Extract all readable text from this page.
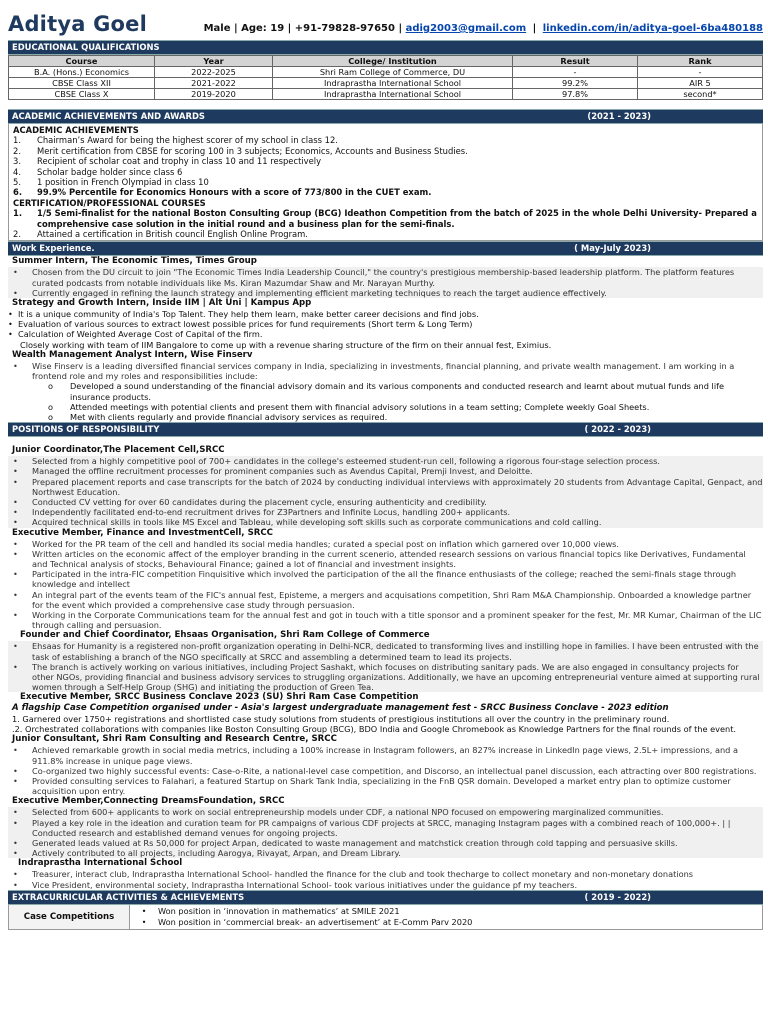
Aditya Goel	Male | Age: 19 | +91-79828-97650 | adig2003@gmail.com | linkedin.com/in/aditya-goel-6ba480188
EDUCATIONAL QUALIFICATIONS
Course	Year	College/ Institution	Result	Rank
B.A. (Hons.) Economics	2022-2025	Shri Ram College of Commerce, DU	-	-
CBSE Class XII	2021-2022	Indraprastha International School	99.2%	AIR 5
CBSE Class X	2019-2020	Indraprastha International School	97.8%	second*
ACADEMIC ACHIEVEMENTS AND AWARDS	(2021 - 2023)
ACADEMIC ACHIEVEMENTS
1.	Chairman’s Award for being the highest scorer of my school in class 12.
2.	Merit certification from CBSE for scoring 100 in 3 subjects; Economics, Accounts and Business Studies.
3.	Recipient of scholar coat and trophy in class 10 and 11 respectively
4.	Scholar badge holder since class 6
5.	1 position in French Olympiad in class 10
6.	99.9% Percentile for Economics Honours with a score of 773/800 in the CUET exam.
CERTIFICATION/PROFESSIONAL COURSES
1.	1/5 Semi-finalist for the national Boston Consulting Group (BCG) Ideathon Competition from the batch of 2025 in the whole Delhi University- Prepared a comprehensive case solution in the initial round and a business plan for the semi-finals.
2.	Attained a certification in British council English Online Program.
Work Experience.	( May-July 2023)
Summer Intern, The Economic Times, Times Group
•	Chosen from the DU circuit to join "The Economic Times India Leadership Council," the country's prestigious membership-based leadership platform. The platform features curated podcasts from notable individuals like Ms. Kiran Mazumdar Shaw and Mr. Narayan Murthy.
•	Currently engaged in refining the launch strategy and implementing efficient marketing techniques to reach the target audience effectively.
Strategy and Growth Intern, Inside IIM | Alt Uni | Kampus App
• It is a unique community of India's Top Talent. They help them learn, make better career decisions and find jobs.
• Evaluation of various sources to extract lowest possible prices for fund requirements (Short term & Long Term)
• Calculation of Weighted Average Cost of Capital of the firm.
Closely working with team of IIM Bangalore to come up with a revenue sharing structure of the firm on their annual fest, Eximius.
Wealth Management Analyst Intern, Wise Finserv
•	Wise Finserv is a leading diversified financial services company in India, specializing in investments, financial planning, and private wealth management. I am working in a frontend role and my roles and responsibilities include:
o	Developed a sound understanding of the financial advisory domain and its various components and conducted research and learnt about mutual funds and life insurance products.
o	Attended meetings with potential clients and present them with financial advisory solutions in a team setting; Complete weekly Goal Sheets.
o	Met with clients regularly and provide financial advisory services as required.
POSITIONS OF RESPONSIBILITY	( 2022 - 2023)
Junior Coordinator,The Placement Cell,SRCC
•	Selected from a highly competitive pool of 700+ candidates in the college's esteemed student-run cell, following a rigorous four-stage selection process.
•	Managed the offline recruitment processes for prominent companies such as Avendus Capital, Premji Invest, and Deloitte.
•	Prepared placement reports and case transcripts for the batch of 2024 by conducting individual interviews with approximately 20 students from Advantage Capital, Genpact, and Northwest Education.
•	Conducted CV vetting for over 60 candidates during the placement cycle, ensuring authenticity and credibility.
•	Independently facilitated end-to-end recruitment drives for Z3Partners and Infinite Locus, handling 200+ applicants.
•	Acquired technical skills in tools like MS Excel and Tableau, while developing soft skills such as corporate communications and cold calling.
Executive Member, Finance and InvestmentCell, SRCC
•	Worked for the PR team of the cell and handled its social media handles; curated a special post on inflation which garnered over 10,000 views.
•	Written articles on the economic affect of the employer branding in the current scenerio, attended research sessions on various financial topics like Derivatives, Fundamental and Technical analysis of stocks, Behavioural Finance; gained a lot of financial and investment insights.
•	Participated in the intra-FIC competition Finquisitive which involved the participation of the all the finance enthusiasts of the college; reached the semi-finals stage through knowledge and intellect
•	An integral part of the events team of the FIC's annual fest, Episteme, a mergers and acquisations competition, Shri Ram M&A Championship. Onboarded a knowledge partner for the event which provided a comprehensive case study through persuasion.
•	Working in the Corporate Communications team for the annual fest and got in touch with a title sponsor and a prominent speaker for the fest, Mr. MR Kumar, Chairman of the LIC through calling and persuasion.
Founder and Chief Coordinator, Ehsaas Organisation, Shri Ram College of Commerce
•	Ehsaas for Humanity is a registered non-profit organization operating in Delhi-NCR, dedicated to transforming lives and instilling hope in families. I have been entrusted with the task of establishing a branch of the NGO specifically at SRCC and assembling a determined team to lead its projects.
•	The branch is actively working on various initiatives, including Project Sashakt, which focuses on distributing sanitary pads. We are also engaged in consultancy projects for other NGOs, providing financial and business advisory services to struggling organizations. Additionally, we have an upcoming entrepreneurial venture aimed at supporting rural women through a Self-Help Group (SHG) and initiating the production of Green Tea.
Executive Member, SRCC Business Conclave 2023 (SU) Shri Ram Case Competition
A flagship Case Competition organised under - Asia's largest undergraduate management fest - SRCC Business Conclave - 2023 edition
1. Garnered over 1750+ registrations and shortlisted case study solutions from students of prestigious institutions all over the country in the preliminary round.
.2. Orchestrated collaborations with companies like Boston Consulting Group (BCG), BDO India and Google Chromebook as Knowledge Partners for the final rounds of the event.
Junior Consultant, Shri Ram Consulting and Research Centre, SRCC
•	Achieved remarkable growth in social media metrics, including a 100% increase in Instagram followers, an 827% increase in LinkedIn page views, 2.5L+ impressions, and a 911.8% increase in unique page views.
•	Co-organized two highly successful events: Case-o-Rite, a national-level case competition, and Discorso, an intellectual panel discussion, each attracting over 800 registrations.
•	Provided consulting services to Falahari, a featured Startup on Shark Tank India, specializing in the FnB QSR domain. Developed a market entry plan to optimize customer acquisition upon entry.
Executive Member,Connecting DreamsFoundation, SRCC
•	Selected from 600+ applicants to work on social entrepreneurship models under CDF, a national NPO focused on empowering marginalized communities.
•	Played a key role in the ideation and curation team for PR campaigns of various CDF projects at SRCC, managing Instagram pages with a combined reach of 100,000+. | | Conducted research and established demand venues for ongoing projects.
•	Generated leads valued at Rs 50,000 for project Arpan, dedicated to waste management and matchstick creation through cold tapping and persuasive skills.
•	Actively contributed to all projects, including Aarogya, Rivayat, Arpan, and Dream Library.
Indraprastha International School
•	Treasurer, interact club, Indraprastha International School- handled the finance for the club and took thecharge to collect monetary and non-monetary donations
•	Vice President, environmental society, Indraprastha International School- took various initiatives under the guidance pf my teachers.
EXTRACURRICULAR ACTIVITIES & ACHIEVEMENTS	( 2019 - 2022)
Case Competitions
•	Won position in ‘innovation in mathematics’ at SMILE 2021
•	Won position in ‘commercial break- an advertisement’ at E-Comm Parv 2020
